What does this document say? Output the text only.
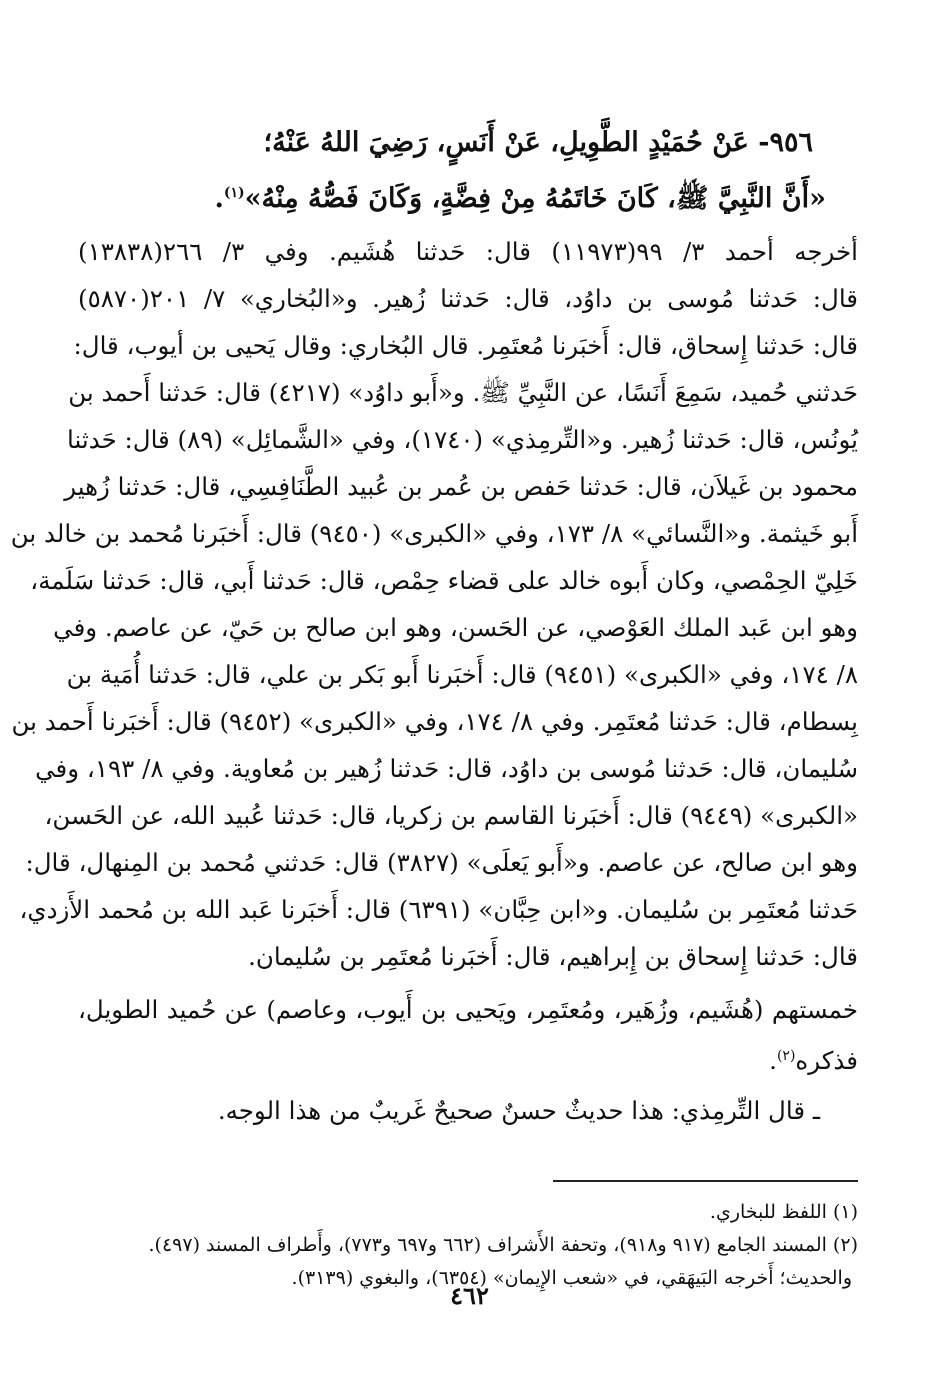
٩٥٦- عَنْ حُمَيْدٍ الطَّوِيلِ، عَنْ أَنَسٍ، رَضِيَ اللهُ عَنْهُ؛
«أَنَّ النَّبِيَّ ﷺ، كَانَ خَاتَمُهُ مِنْ فِضَّةٍ، وَكَانَ فَصُّهُ مِنْهُ»$^{(١)}$.
أخرجه أحمد ٣/ ٩٩(١١٩٧٣) قال: حَدثنا هُشَيم. وفي ٣/ ٢٦٦(١٣٨٣٨)
قال: حَدثنا مُوسى بن داوُد، قال: حَدثنا زُهير. و«البُخاري» ٧/ ٢٠١(٥٨٧٠)
قال: حَدثنا إِسحاق، قال: أَخبَرنا مُعتَمِر. قال البُخاري: وقال يَحيى بن أيوب، قال:
حَدثني حُميد، سَمِعَ أَنَسًا، عن النَّبِيِّ ﷺ. و«أَبو داوُد» (٤٢١٧) قال: حَدثنا أَحمد بن
يُونُس، قال: حَدثنا زُهير. و«التِّرمِذي» (١٧٤٠)، وفي «الشَّمائِل» (٨٩) قال: حَدثنا
محمود بن غَيلاَن، قال: حَدثنا حَفص بن عُمر بن عُبيد الطَّنَافِسِي، قال: حَدثنا زُهير
أَبو خَيثمة. و«النَّسائي» ٨/ ١٧٣، وفي «الكبرى» (٩٤٥٠) قال: أَخبَرنا مُحمد بن خالد بن
خَلِيّ الحِمْصي، وكان أَبوه خالد على قضاء حِمْص، قال: حَدثنا أَبي، قال: حَدثنا سَلَمة،
وهو ابن عَبد الملك العَوْصي، عن الحَسن، وهو ابن صالح بن حَيّ، عن عاصم. وفي
٨/ ١٧٤، وفي «الكبرى» (٩٤٥١) قال: أَخبَرنا أَبو بَكر بن علي، قال: حَدثنا أُمَية بن
بِسطام، قال: حَدثنا مُعتَمِر. وفي ٨/ ١٧٤، وفي «الكبرى» (٩٤٥٢) قال: أَخبَرنا أَحمد بن
سُليمان، قال: حَدثنا مُوسى بن داوُد، قال: حَدثنا زُهير بن مُعاوية. وفي ٨/ ١٩٣، وفي
«الكبرى» (٩٤٤٩) قال: أَخبَرنا القاسم بن زكريا، قال: حَدثنا عُبيد الله، عن الحَسن،
وهو ابن صالح، عن عاصم. و«أَبو يَعلَى» (٣٨٢٧) قال: حَدثني مُحمد بن المِنهال، قال:
حَدثنا مُعتَمِر بن سُليمان. و«ابن حِبَّان» (٦٣٩١) قال: أَخبَرنا عَبد الله بن مُحمد الأَزدي،
قال: حَدثنا إِسحاق بن إِبراهيم، قال: أَخبَرنا مُعتَمِر بن سُليمان.
خمستهم (هُشَيم، وزُهَير، ومُعتَمِر، ويَحيى بن أَيوب، وعاصم) عن حُميد الطويل،
فذكره$^{(٢)}$.
ـ قال التِّرمِذي: هذا حديثٌ حسنٌ صحيحٌ غَريبٌ من هذا الوجه.
(١) اللفظ للبخاري.
(٢) المسند الجامع (٩١٧ و٩١٨)، وتحفة الأَشراف (٦٦٢ و٦٩٧ و٧٧٣)، وأَطراف المسند (٤٩٧).
والحديث؛ أَخرجه البَيهَقي، في «شعب الإِيمان» (٦٣٥٤)، والبغوي (٣١٣٩).
٤٦٢
